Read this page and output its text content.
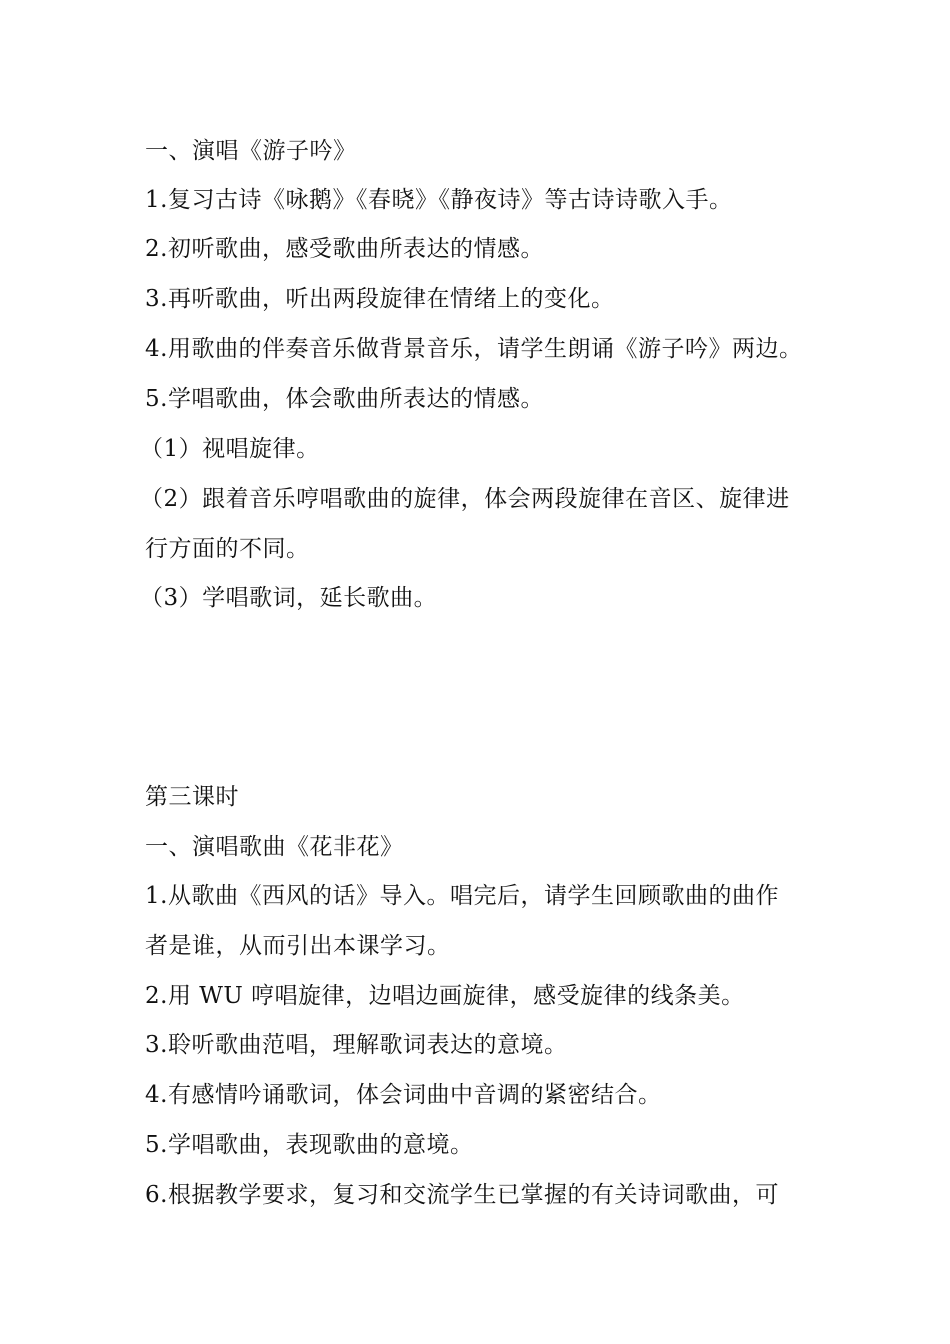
一、演唱《游子吟》
1.复习古诗《咏鹅》《春晓》《静夜诗》等古诗诗歌入手。
2.初听歌曲，感受歌曲所表达的情感。
3.再听歌曲，听出两段旋律在情绪上的变化。
4.用歌曲的伴奏音乐做背景音乐，请学生朗诵《游子吟》两边。
5.学唱歌曲，体会歌曲所表达的情感。
（1）视唱旋律。
（2）跟着音乐哼唱歌曲的旋律，体会两段旋律在音区、旋律进
行方面的不同。
（3）学唱歌词，延长歌曲。
第三课时
一、演唱歌曲《花非花》
1.从歌曲《西风的话》导入。唱完后，请学生回顾歌曲的曲作
者是谁，从而引出本课学习。
2.用 WU 哼唱旋律，边唱边画旋律，感受旋律的线条美。
3.聆听歌曲范唱，理解歌词表达的意境。
4.有感情吟诵歌词，体会词曲中音调的紧密结合。
5.学唱歌曲，表现歌曲的意境。
6.根据教学要求，复习和交流学生已掌握的有关诗词歌曲，可
